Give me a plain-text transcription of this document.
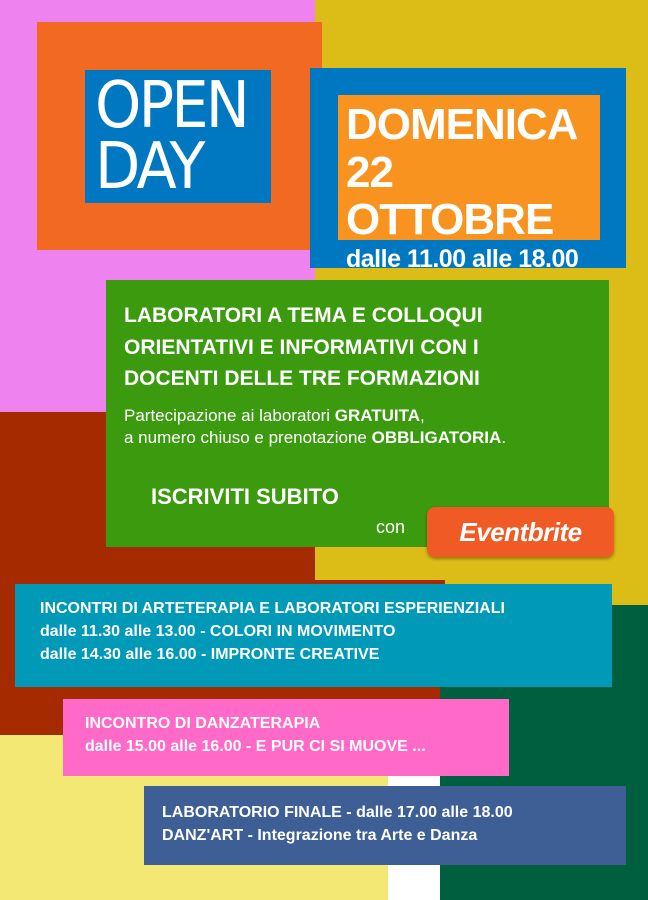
OPEN
DAY
DOMENICA
22 OTTOBRE
dalle 11.00 alle 18.00
LABORATORI A TEMA E COLLOQUI
ORIENTATIVI E INFORMATIVI CON I
DOCENTI DELLE TRE FORMAZIONI
Partecipazione ai laboratori GRATUITA,
a numero chiuso e prenotazione OBBLIGATORIA.
ISCRIVITI SUBITO
con	Eventbrite
INCONTRI DI ARTETERAPIA E LABORATORI ESPERIENZIALI
dalle 11.30 alle 13.00 - COLORI IN MOVIMENTO
dalle 14.30 alle 16.00 - IMPRONTE CREATIVE
INCONTRO DI DANZATERAPIA
dalle 15.00 alle 16.00 - E PUR CI SI MUOVE ...
LABORATORIO FINALE - dalle 17.00 alle 18.00
DANZ'ART - Integrazione tra Arte e Danza
